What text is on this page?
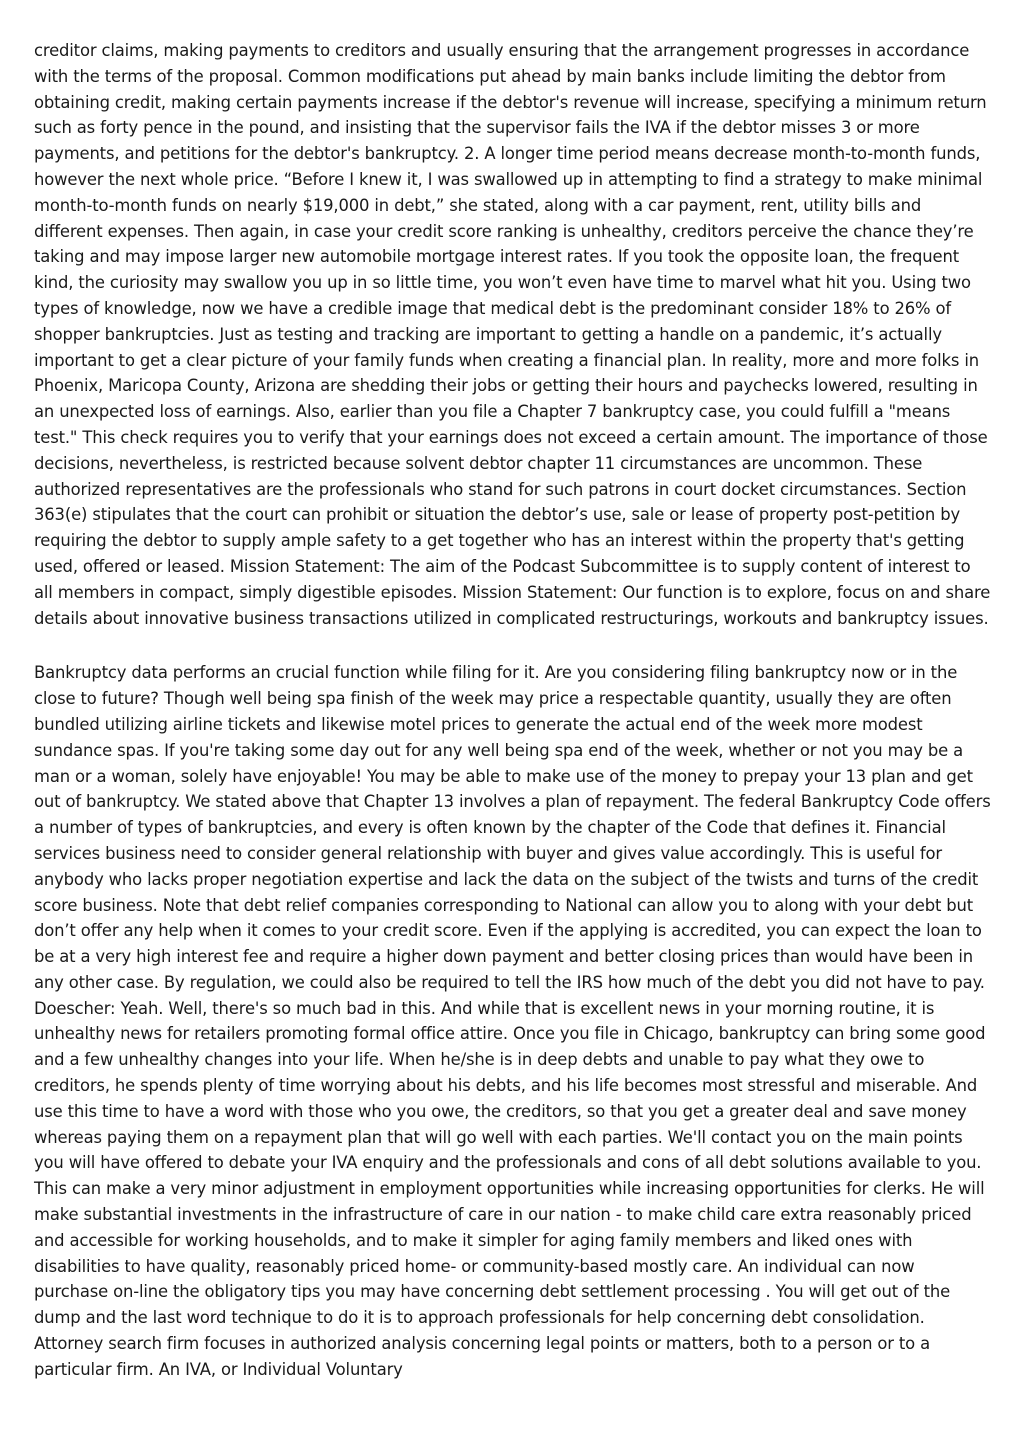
creditor claims, making payments to creditors and usually ensuring that the arrangement progresses in accordance with the terms of the proposal. Common modifications put ahead by main banks include limiting the debtor from obtaining credit, making certain payments increase if the debtor's revenue will increase, specifying a minimum return such as forty pence in the pound, and insisting that the supervisor fails the IVA if the debtor misses 3 or more payments, and petitions for the debtor's bankruptcy. 2. A longer time period means decrease month-to-month funds, however the next whole price. “Before I knew it, I was swallowed up in attempting to find a strategy to make minimal month-to-month funds on nearly $19,000 in debt,” she stated, along with a car payment, rent, utility bills and different expenses. Then again, in case your credit score ranking is unhealthy, creditors perceive the chance they’re taking and may impose larger new automobile mortgage interest rates. If you took the opposite loan, the frequent kind, the curiosity may swallow you up in so little time, you won’t even have time to marvel what hit you. Using two types of knowledge, now we have a credible image that medical debt is the predominant consider 18% to 26% of shopper bankruptcies. Just as testing and tracking are important to getting a handle on a pandemic, it’s actually important to get a clear picture of your family funds when creating a financial plan. In reality, more and more folks in Phoenix, Maricopa County, Arizona are shedding their jobs or getting their hours and paychecks lowered, resulting in an unexpected loss of earnings. Also, earlier than you file a Chapter 7 bankruptcy case, you could fulfill a "means test." This check requires you to verify that your earnings does not exceed a certain amount. The importance of those decisions, nevertheless, is restricted because solvent debtor chapter 11 circumstances are uncommon. These authorized representatives are the professionals who stand for such patrons in court docket circumstances. Section 363(e) stipulates that the court can prohibit or situation the debtor’s use, sale or lease of property post-petition by requiring the debtor to supply ample safety to a get together who has an interest within the property that's getting used, offered or leased. Mission Statement: The aim of the Podcast Subcommittee is to supply content of interest to all members in compact, simply digestible episodes. Mission Statement: Our function is to explore, focus on and share details about innovative business transactions utilized in complicated restructurings, workouts and bankruptcy issues.

Bankruptcy data performs an crucial function while filing for it. Are you considering filing bankruptcy now or in the close to future? Though well being spa finish of the week may price a respectable quantity, usually they are often bundled utilizing airline tickets and likewise motel prices to generate the actual end of the week more modest sundance spas. If you're taking some day out for any well being spa end of the week, whether or not you may be a man or a woman, solely have enjoyable! You may be able to make use of the money to prepay your 13 plan and get out of bankruptcy. We stated above that Chapter 13 involves a plan of repayment. The federal Bankruptcy Code offers a number of types of bankruptcies, and every is often known by the chapter of the Code that defines it. Financial services business need to consider general relationship with buyer and gives value accordingly. This is useful for anybody who lacks proper negotiation expertise and lack the data on the subject of the twists and turns of the credit score business. Note that debt relief companies corresponding to National can allow you to along with your debt but don’t offer any help when it comes to your credit score. Even if the applying is accredited, you can expect the loan to be at a very high interest fee and require a higher down payment and better closing prices than would have been in any other case. By regulation, we could also be required to tell the IRS how much of the debt you did not have to pay. Doescher: Yeah. Well, there's so much bad in this. And while that is excellent news in your morning routine, it is unhealthy news for retailers promoting formal office attire. Once you file in Chicago, bankruptcy can bring some good and a few unhealthy changes into your life. When he/she is in deep debts and unable to pay what they owe to creditors, he spends plenty of time worrying about his debts, and his life becomes most stressful and miserable. And use this time to have a word with those who you owe, the creditors, so that you get a greater deal and save money whereas paying them on a repayment plan that will go well with each parties. We'll contact you on the main points you will have offered to debate your IVA enquiry and the professionals and cons of all debt solutions available to you. This can make a very minor adjustment in employment opportunities while increasing opportunities for clerks. He will make substantial investments in the infrastructure of care in our nation - to make child care extra reasonably priced and accessible for working households, and to make it simpler for aging family members and liked ones with disabilities to have quality, reasonably priced home- or community-based mostly care. An individual can now purchase on-line the obligatory tips you may have concerning debt settlement processing . You will get out of the dump and the last word technique to do it is to approach professionals for help concerning debt consolidation. Attorney search firm focuses in authorized analysis concerning legal points or matters, both to a person or to a particular firm. An IVA, or Individual Voluntary
